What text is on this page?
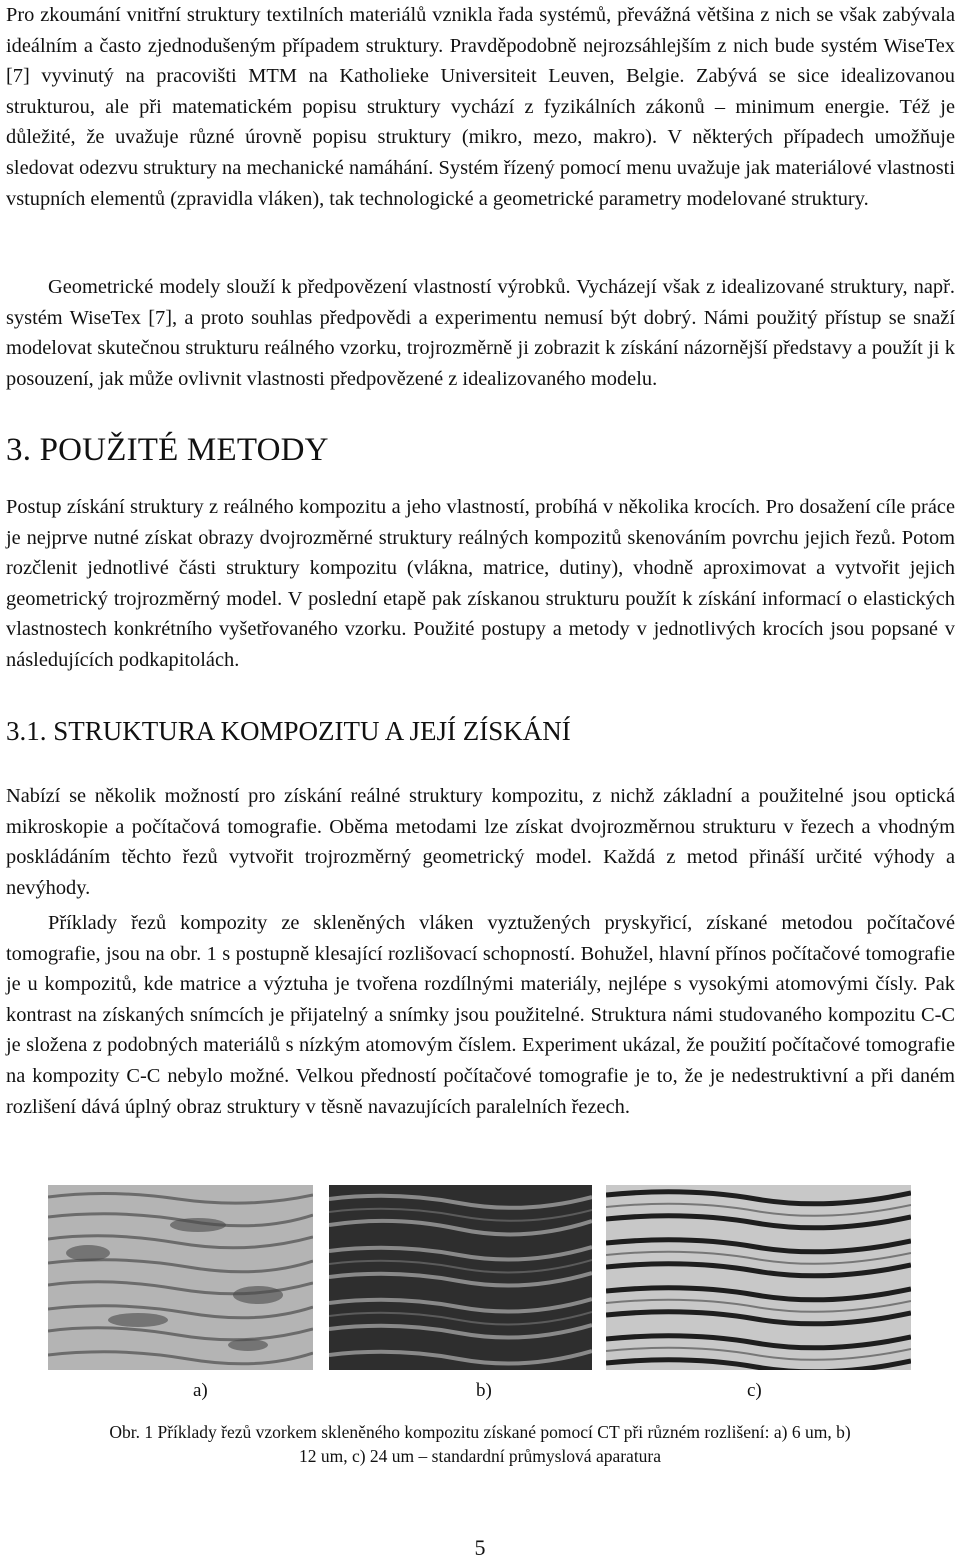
Pro zkoumání vnitřní struktury textilních materiálů vznikla řada systémů, převážná většina z nich se však zabývala ideálním a často zjednodušeným případem struktury. Pravděpodobně nejrozsáhlejším z nich bude systém WiseTex [7] vyvinutý na pracovišti MTM na Katholieke Universiteit Leuven, Belgie. Zabývá se sice idealizovanou strukturou, ale při matematickém popisu struktury vychází z fyzikálních zákonů – minimum energie. Též je důležité, že uvažuje různé úrovně popisu struktury (mikro, mezo, makro). V některých případech umožňuje sledovat odezvu struktury na mechanické namáhání. Systém řízený pomocí menu uvažuje jak materiálové vlastnosti vstupních elementů (zpravidla vláken), tak technologické a geometrické parametry modelované struktury.

Geometrické modely slouží k předpovězení vlastností výrobků. Vycházejí však z idealizované struktury, např. systém WiseTex [7], a proto souhlas předpovědi a experimentu nemusí být dobrý. Námi použitý přístup se snaží modelovat skutečnou strukturu reálného vzorku, trojrozměrně ji zobrazit k získání názornější představy a použít ji k posouzení, jak může ovlivnit vlastnosti předpovězené z idealizovaného modelu.

3. POUŽITÉ METODY

Postup získání struktury z reálného kompozitu a jeho vlastností, probíhá v několika krocích. Pro dosažení cíle práce je nejprve nutné získat obrazy dvojrozměrné struktury reálných kompozitů skenováním povrchu jejich řezů. Potom rozčlenit jednotlivé části struktury kompozitu (vlákna, matrice, dutiny), vhodně aproximovat a vytvořit jejich geometrický trojrozměrný model. V poslední etapě pak získanou strukturu použít k získání informací o elastických vlastnostech konkrétního vyšetřovaného vzorku. Použité postupy a metody v jednotlivých krocích jsou popsané v následujících podkapitolách.

3.1. STRUKTURA KOMPOZITU A JEJÍ ZÍSKÁNÍ

Nabízí se několik možností pro získání reálné struktury kompozitu, z nichž základní a použitelné jsou optická mikroskopie a počítačová tomografie. Oběma metodami lze získat dvojrozměrnou strukturu v řezech a vhodným poskládáním těchto řezů vytvořit trojrozměrný geometrický model. Každá z metod přináší určité výhody a nevýhody.

Příklady řezů kompozity ze skleněných vláken vyztužených pryskyřicí, získané metodou počítačové tomografie, jsou na obr. 1 s postupně klesající rozlišovací schopností. Bohužel, hlavní přínos počítačové tomografie je u kompozitů, kde matrice a výztuha je tvořena rozdílnými materiály, nejlépe s vysokými atomovými čísly. Pak kontrast na získaných snímcích je přijatelný a snímky jsou použitelné. Struktura námi studovaného kompozitu C-C je složena z podobných materiálů s nízkým atomovým číslem. Experiment ukázal, že použití počítačové tomografie na kompozity C-C nebylo možné. Velkou předností počítačové tomografie je to, že je nedestruktivní a při daném rozlišení dává úplný obraz struktury v těsně navazujících paralelních řezech.

a)	b)	c)
Obr. 1 Příklady řezů vzorkem skleněného kompozitu získané pomocí CT při různém rozlišení: a) 6 um, b)
12 um, c) 24 um – standardní průmyslová aparatura
5
